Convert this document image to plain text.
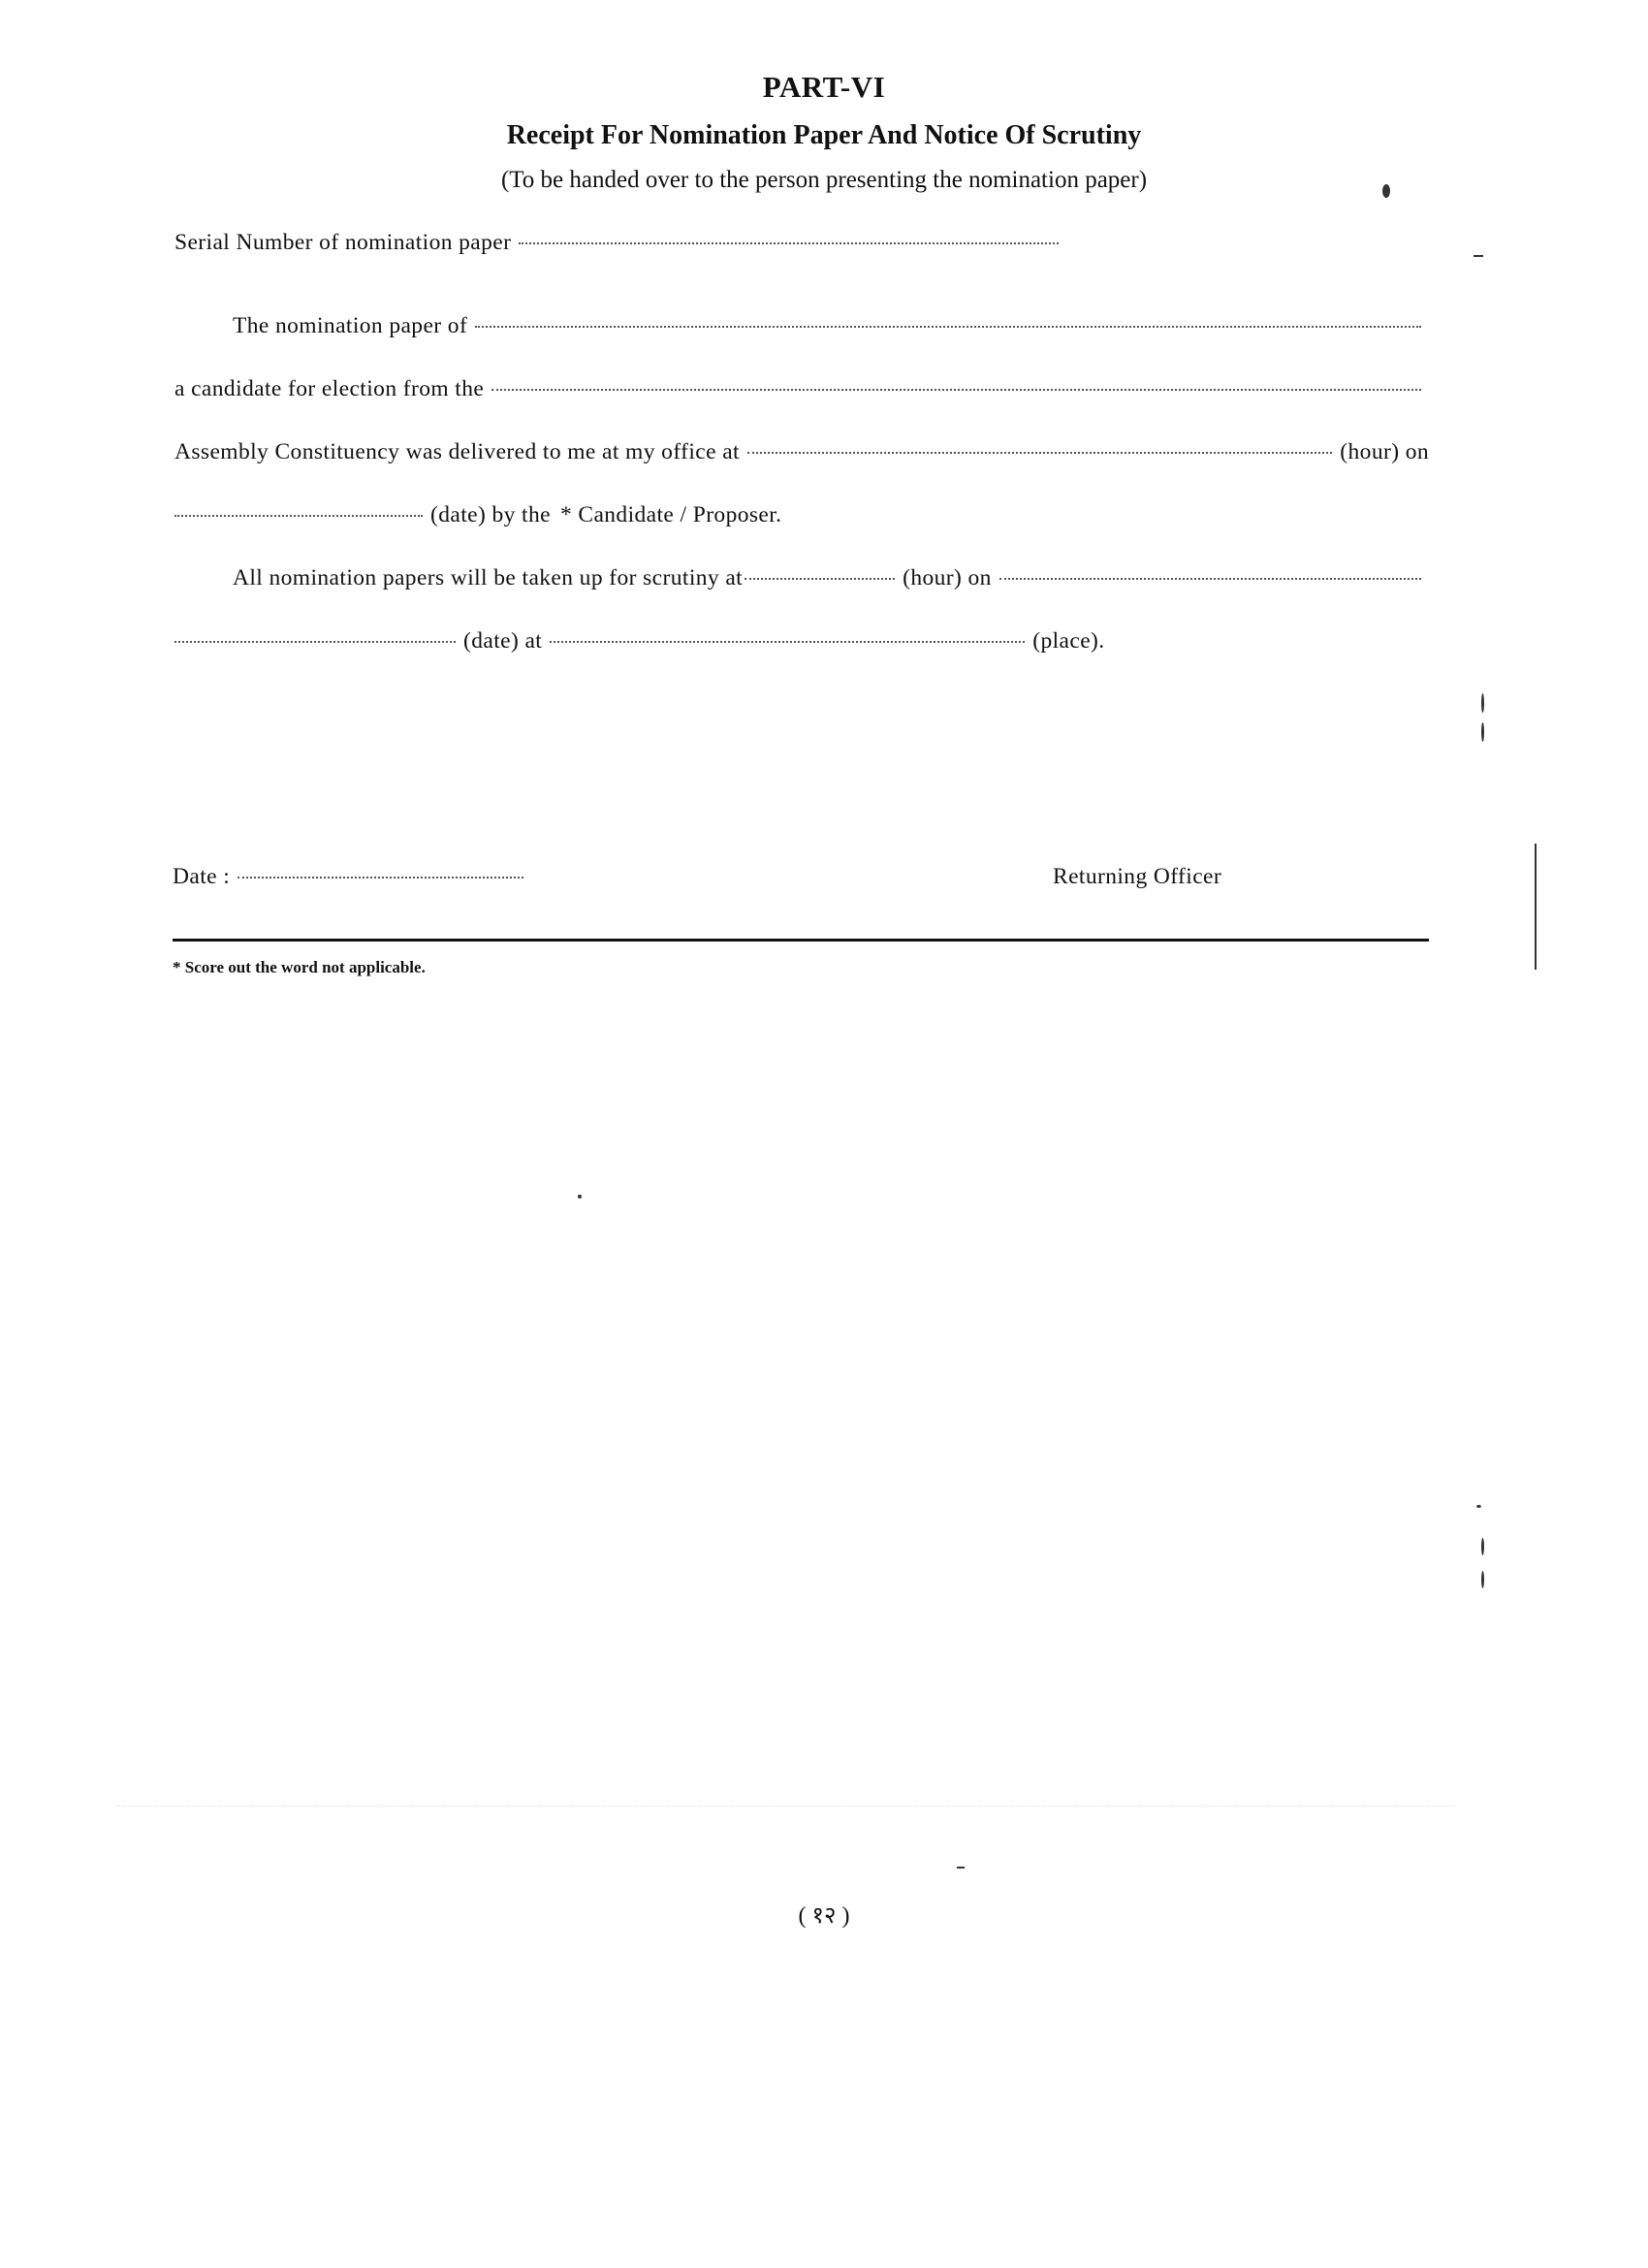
PART-VI
Receipt For Nomination Paper And Notice Of Scrutiny
(To be handed over to the person presenting the nomination paper)
Serial Number of nomination paper
The nomination paper of
a candidate for election from the
Assembly Constituency was delivered to me at my office at	(hour) on
(date) by the * Candidate / Proposer.
All nomination papers will be taken up for scrutiny at	(hour) on
(date) at	(place).
Date :	Returning Officer
* Score out the word not applicable.
( १२ )
